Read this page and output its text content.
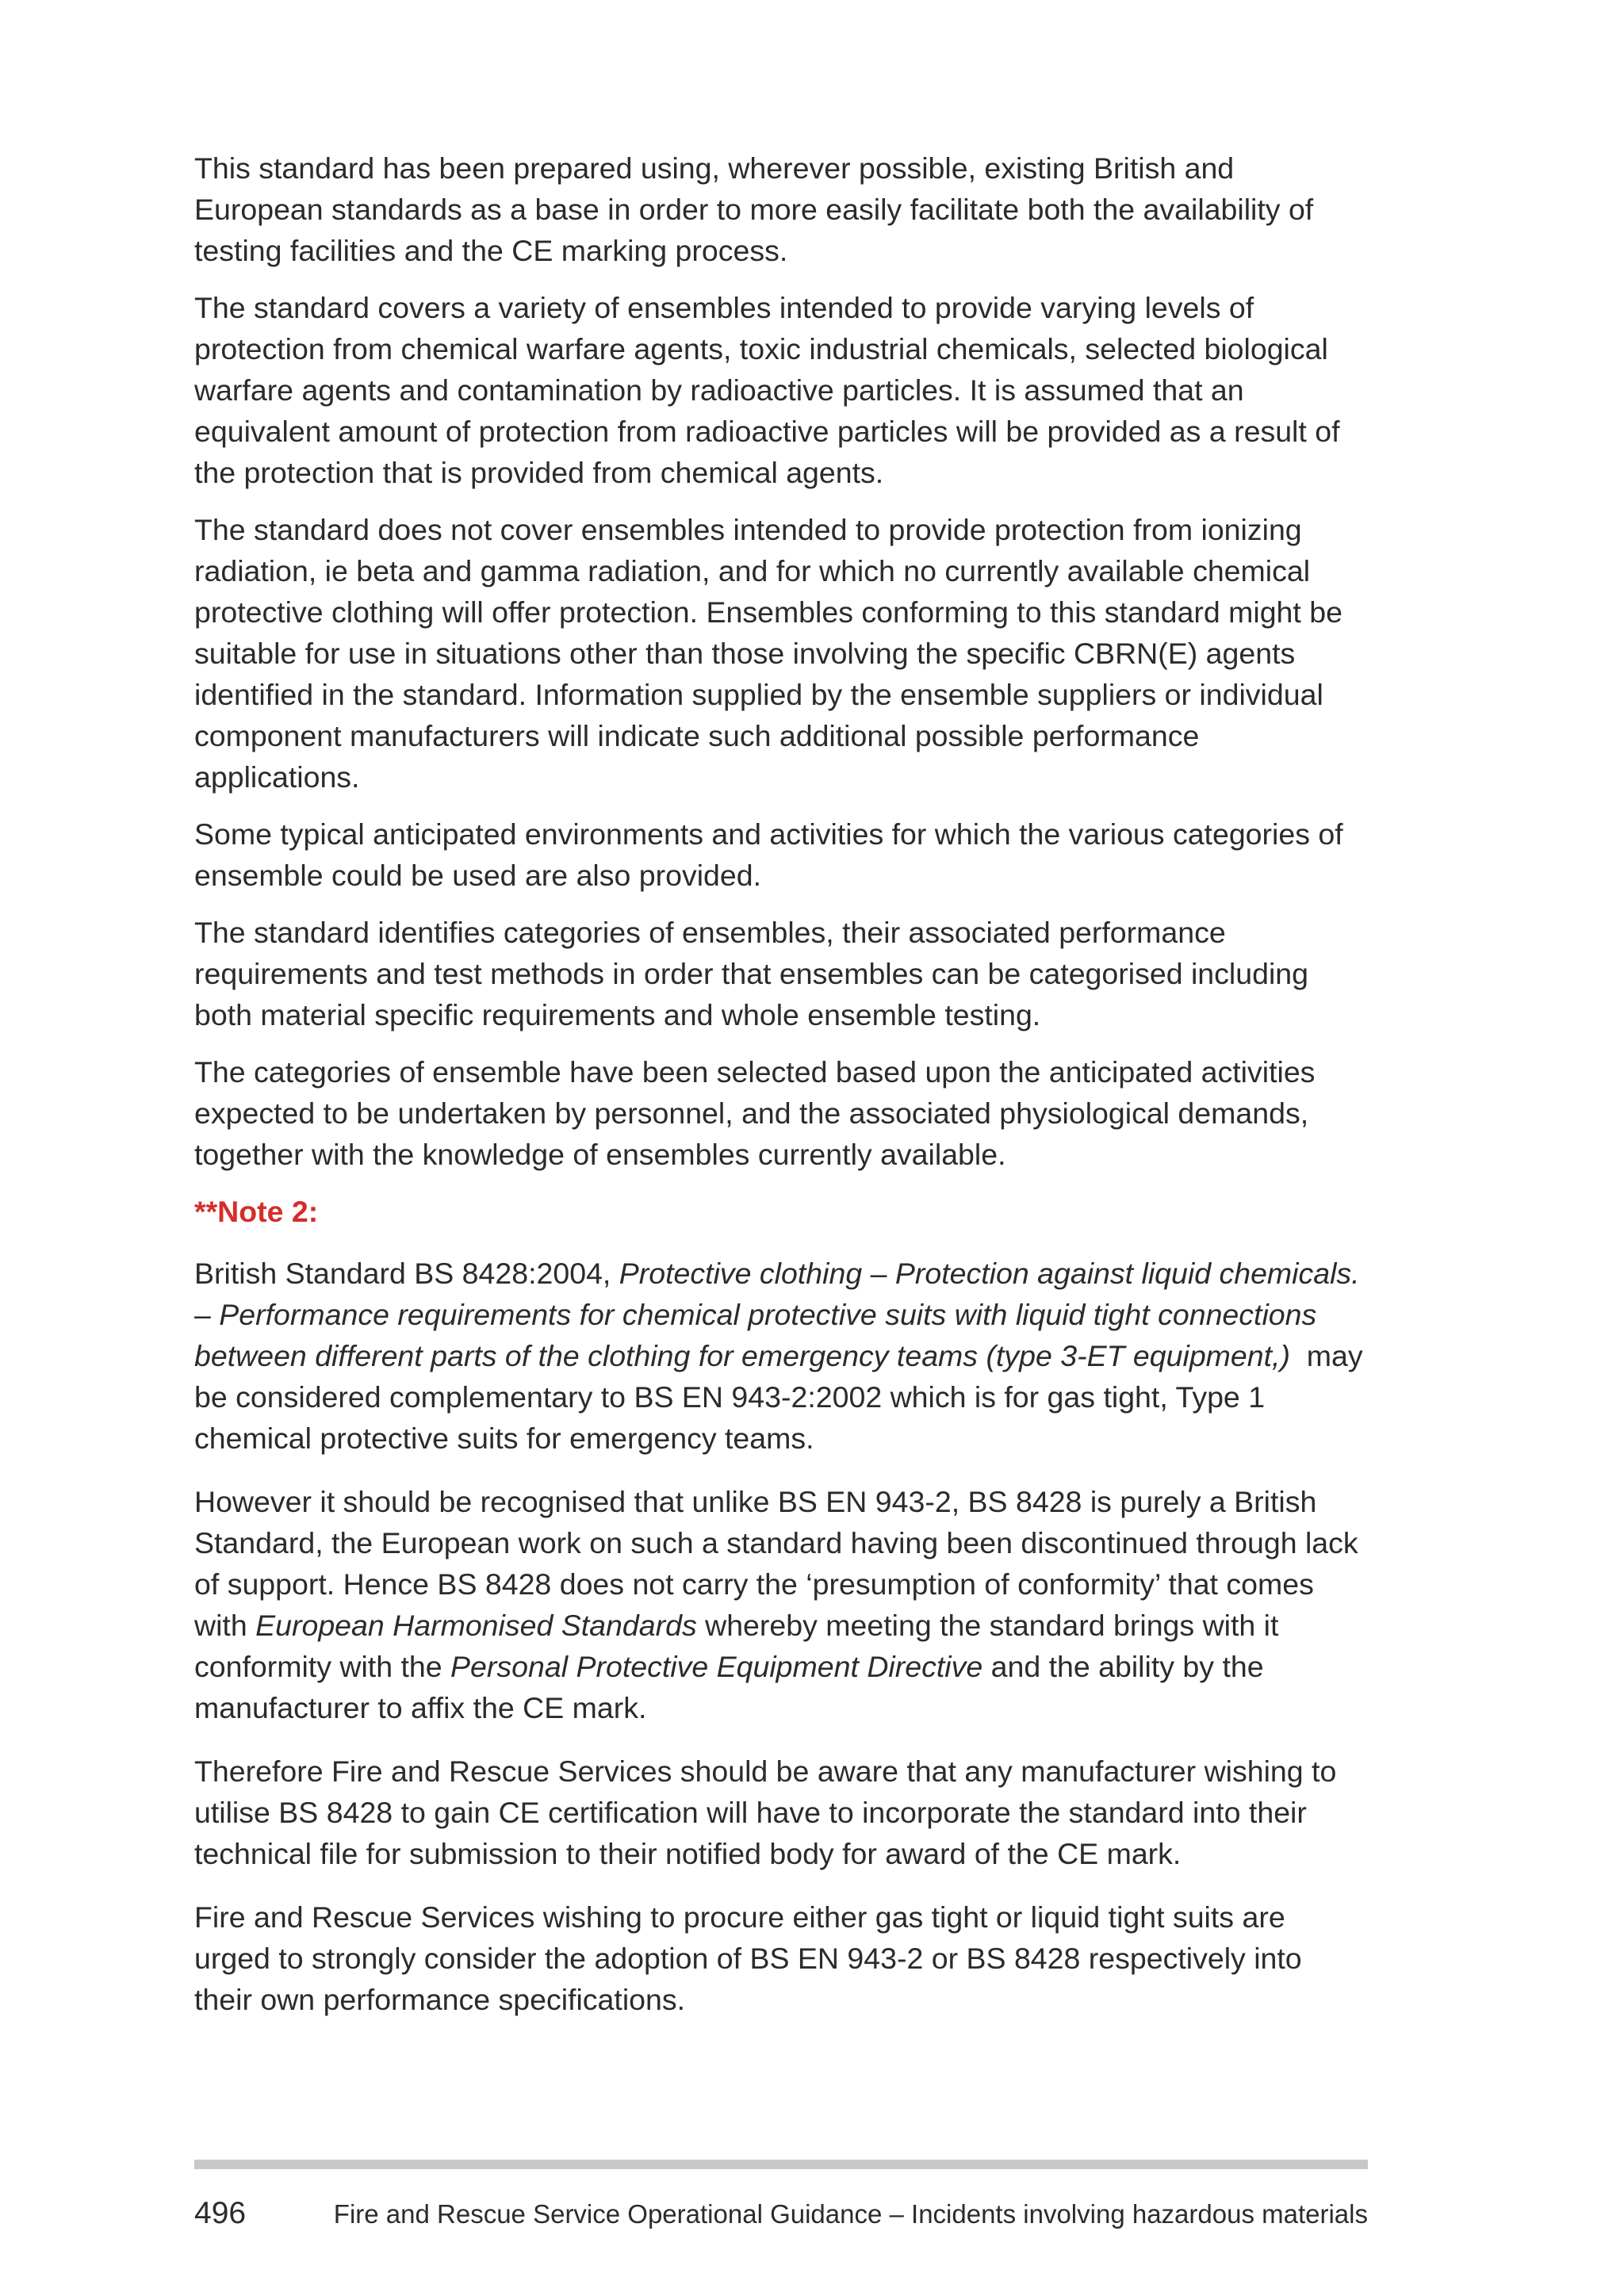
This standard has been prepared using, wherever possible, existing British and European standards as a base in order to more easily facilitate both the availability of testing facilities and the CE marking process.

The standard covers a variety of ensembles intended to provide varying levels of protection from chemical warfare agents, toxic industrial chemicals, selected biological warfare agents and contamination by radioactive particles. It is assumed that an equivalent amount of protection from radioactive particles will be provided as a result of the protection that is provided from chemical agents.

The standard does not cover ensembles intended to provide protection from ionizing radiation, ie beta and gamma radiation, and for which no currently available chemical protective clothing will offer protection. Ensembles conforming to this standard might be suitable for use in situations other than those involving the specific CBRN(E) agents identified in the standard. Information supplied by the ensemble suppliers or individual component manufacturers will indicate such additional possible performance applications.

Some typical anticipated environments and activities for which the various categories of ensemble could be used are also provided.

The standard identifies categories of ensembles, their associated performance requirements and test methods in order that ensembles can be categorised including both material specific requirements and whole ensemble testing.

The categories of ensemble have been selected based upon the anticipated activities expected to be undertaken by personnel, and the associated physiological demands, together with the knowledge of ensembles currently available.

**Note 2:

British Standard BS 8428:2004, Protective clothing – Protection against liquid chemicals. – Performance requirements for chemical protective suits with liquid tight connections between different parts of the clothing for emergency teams (type 3-ET equipment,)  may be considered complementary to BS EN 943-2:2002 which is for gas tight, Type 1 chemical protective suits for emergency teams.

However it should be recognised that unlike BS EN 943-2, BS 8428 is purely a British Standard, the European work on such a standard having been discontinued through lack of support. Hence BS 8428 does not carry the ‘presumption of conformity’ that comes with European Harmonised Standards whereby meeting the standard brings with it conformity with the Personal Protective Equipment Directive and the ability by the manufacturer to affix the CE mark.

Therefore Fire and Rescue Services should be aware that any manufacturer wishing to utilise BS 8428 to gain CE certification will have to incorporate the standard into their technical file for submission to their notified body for award of the CE mark.

Fire and Rescue Services wishing to procure either gas tight or liquid tight suits are urged to strongly consider the adoption of BS EN 943-2 or BS 8428 respectively into their own performance specifications.

496	Fire and Rescue Service Operational Guidance – Incidents involving hazardous materials
